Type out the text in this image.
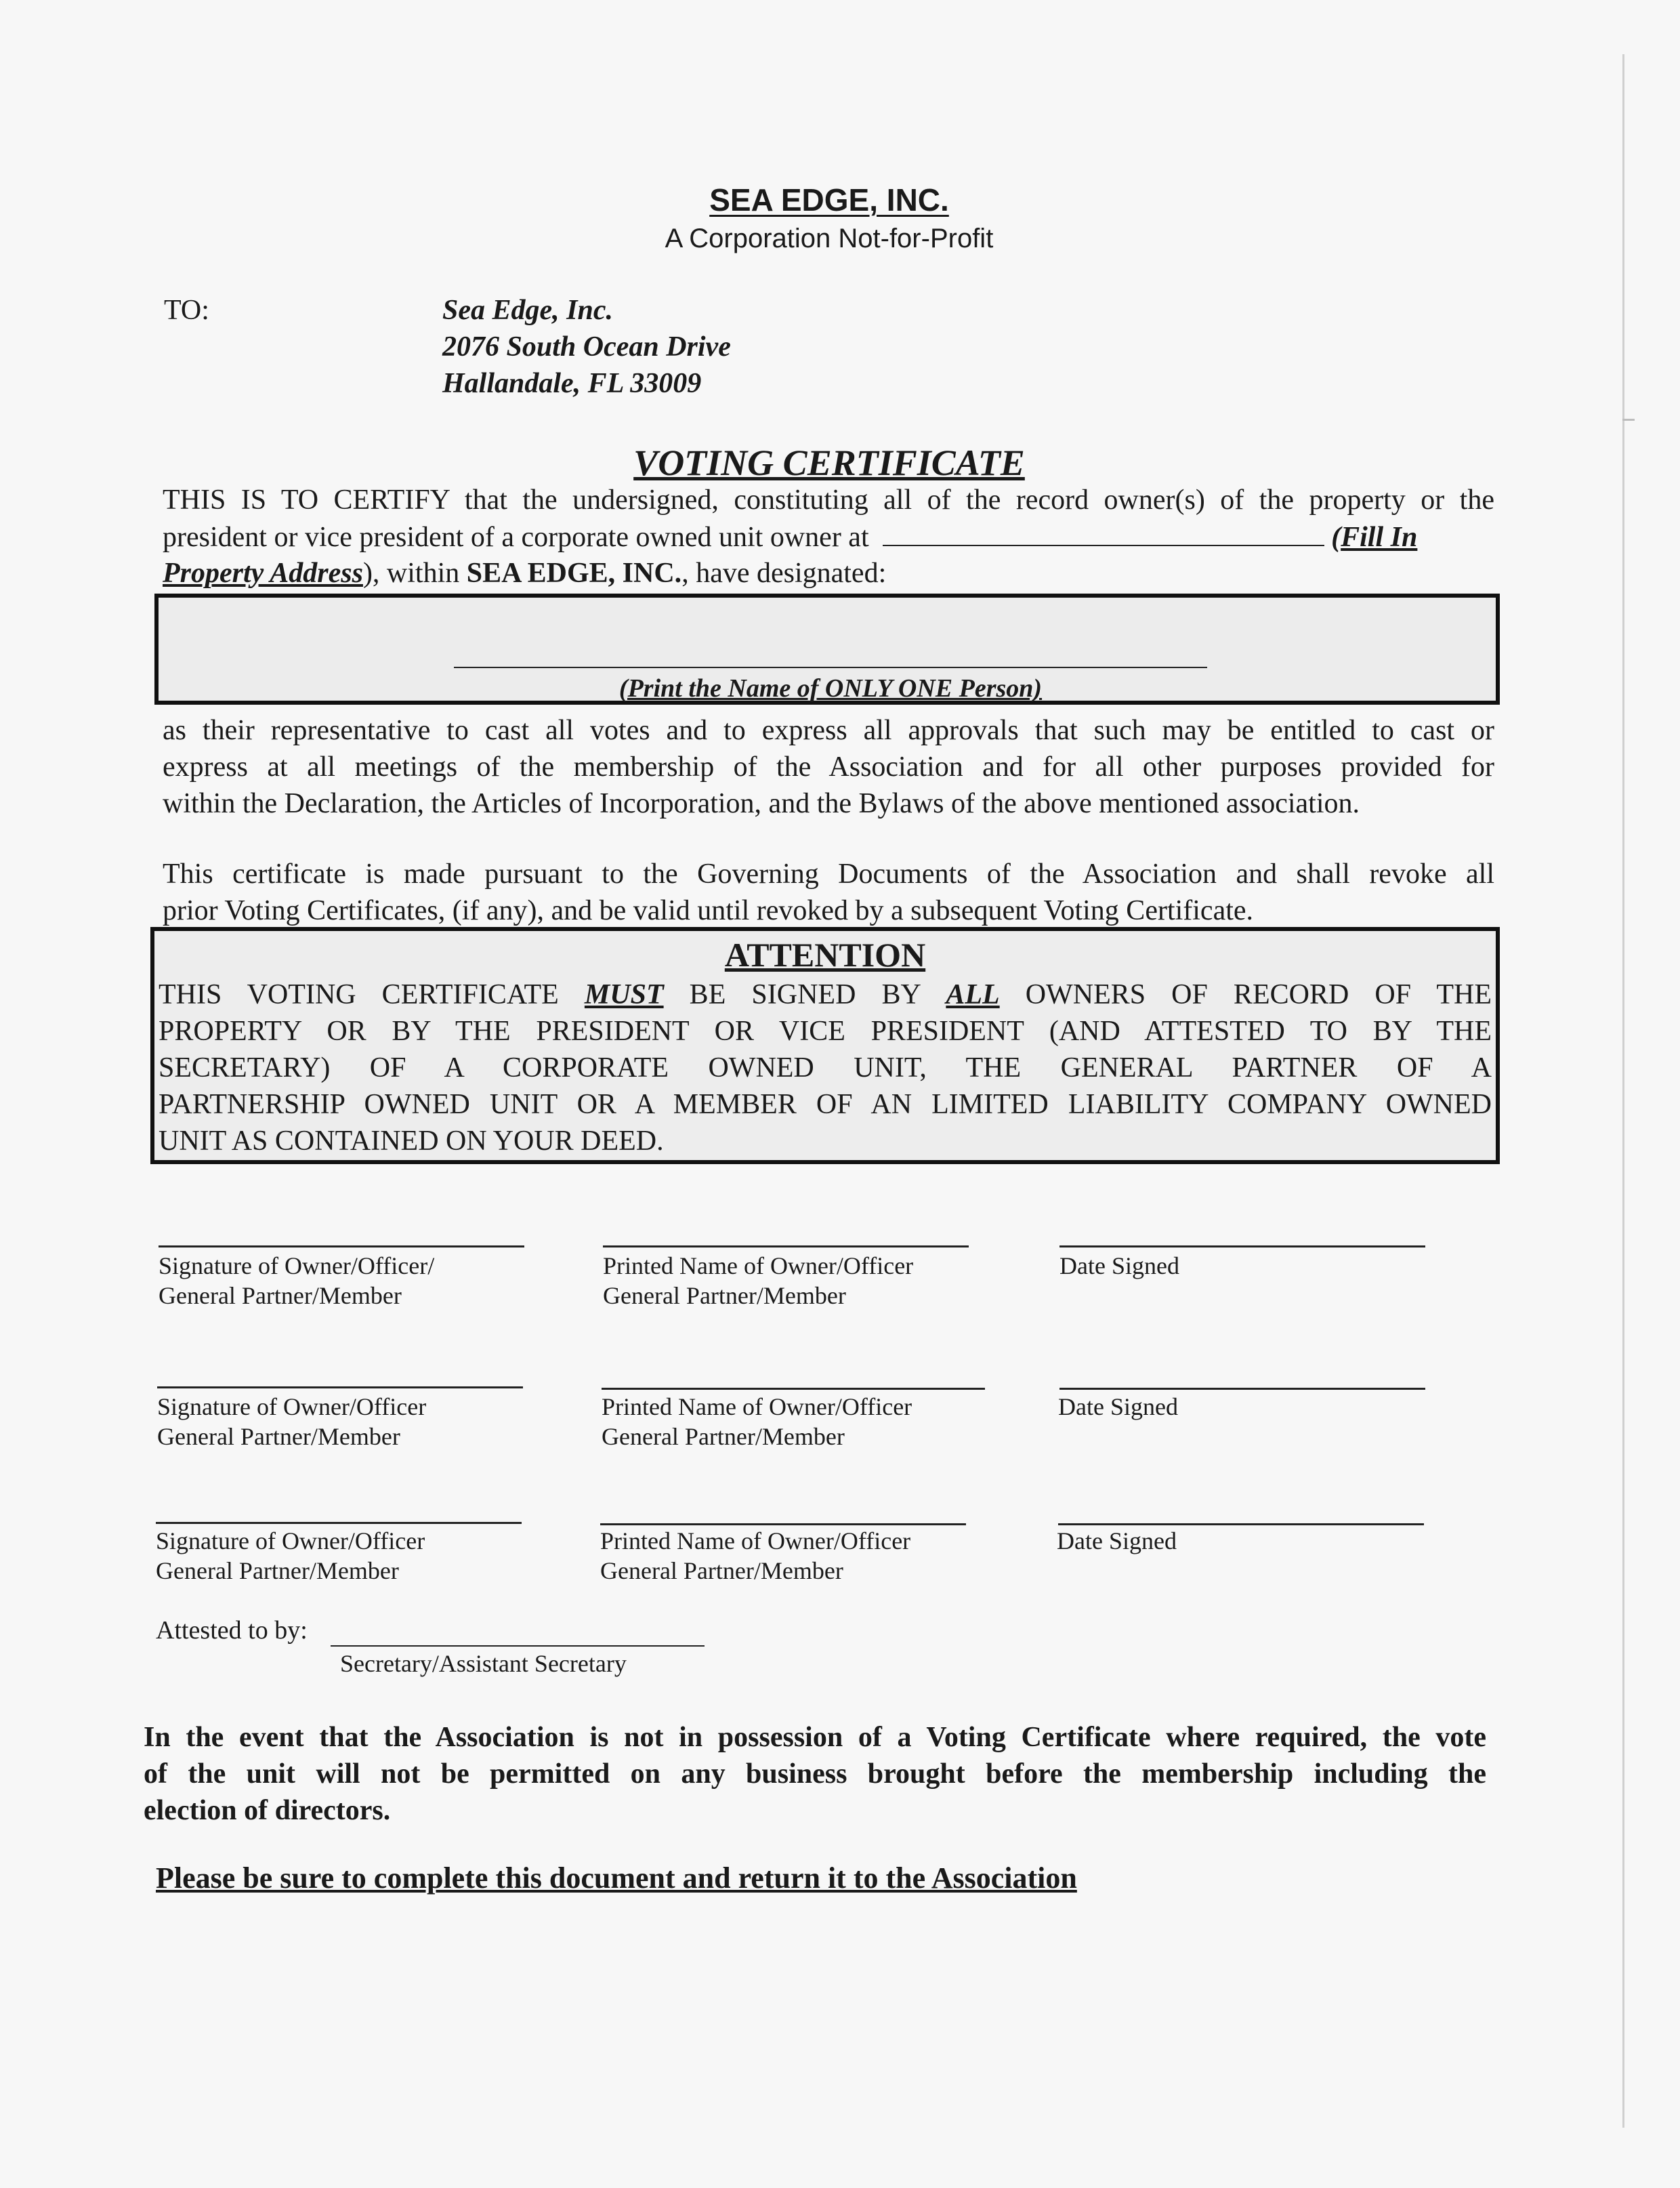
SEA EDGE, INC.
A Corporation Not-for-Profit
TO:	Sea Edge, Inc.
2076 South Ocean Drive
Hallandale, FL 33009
VOTING CERTIFICATE
THIS IS TO CERTIFY that the undersigned, constituting all of the record owner(s) of the property or the
president or vice president of a corporate owned unit owner at	(Fill In
Property Address), within SEA EDGE, INC., have designated:
(Print the Name of ONLY ONE Person)
as their representative to cast all votes and to express all approvals that such may be entitled to cast or
express at all meetings of the membership of the Association and for all other purposes provided for
within the Declaration, the Articles of Incorporation, and the Bylaws of the above mentioned association.
This certificate is made pursuant to the Governing Documents of the Association and shall revoke all
prior Voting Certificates, (if any), and be valid until revoked by a subsequent Voting Certificate.
ATTENTION
THIS VOTING CERTIFICATE MUST BE SIGNED BY ALL OWNERS OF RECORD OF THE
PROPERTY OR BY THE PRESIDENT OR VICE PRESIDENT (AND ATTESTED TO BY THE
SECRETARY) OF A CORPORATE OWNED UNIT, THE GENERAL PARTNER OF A
PARTNERSHIP OWNED UNIT OR A MEMBER OF AN LIMITED LIABILITY COMPANY OWNED
UNIT AS CONTAINED ON YOUR DEED.
Signature of Owner/Officer/
General Partner/Member
Printed Name of Owner/Officer
General Partner/Member
Date Signed
Signature of Owner/Officer
General Partner/Member
Printed Name of Owner/Officer
General Partner/Member
Date Signed
Signature of Owner/Officer
General Partner/Member
Printed Name of Owner/Officer
General Partner/Member
Date Signed
Attested to by:
Secretary/Assistant Secretary
In the event that the Association is not in possession of a Voting Certificate where required, the vote
of the unit will not be permitted on any business brought before the membership including the
election of directors.
Please be sure to complete this document and return it to the Association
